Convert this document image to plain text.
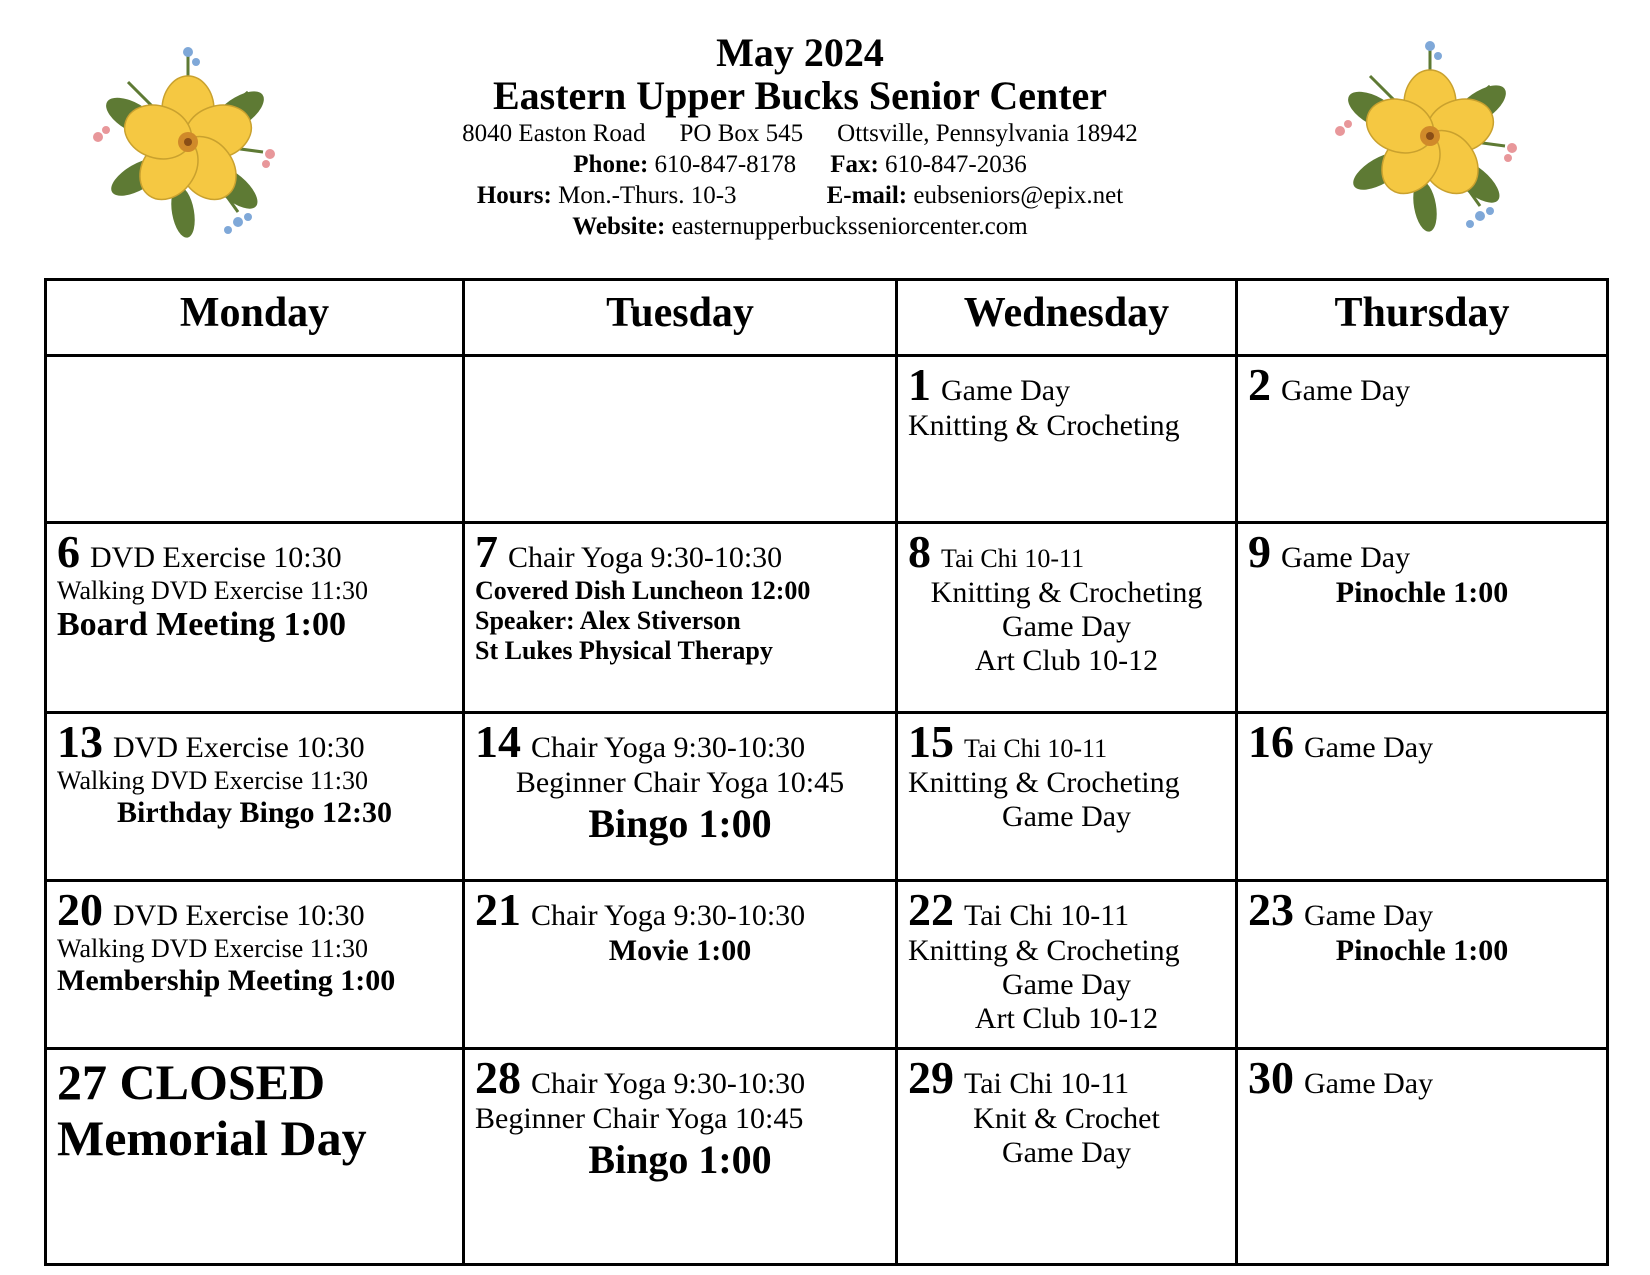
May 2024
Eastern Upper Bucks Senior Center
8040 Easton Road PO Box 545 Ottsville, Pennsylvania 18942
Phone: 610-847-8178 Fax: 610-847-2036
Hours: Mon.-Thurs. 10-3	E-mail: eubseniors@epix.net
Website: easternupperbucksseniorcenter.com
Monday	Tuesday	Wednesday	Thursday

		1 Game Day
Knitting & Crocheting	2 Game Day

6 DVD Exercise 10:30
Walking DVD Exercise 11:30
Board Meeting 1:00	7 Chair Yoga 9:30-10:30
Covered Dish Luncheon 12:00
Speaker: Alex Stiverson
St Lukes Physical Therapy	8 Tai Chi 10-11
Knitting & Crocheting
Game Day
Art Club 10-12	9 Game Day
Pinochle 1:00

13 DVD Exercise 10:30
Walking DVD Exercise 11:30
Birthday Bingo 12:30	14 Chair Yoga 9:30-10:30
Beginner Chair Yoga 10:45
Bingo 1:00	15 Tai Chi 10-11
Knitting & Crocheting
Game Day	16 Game Day

20 DVD Exercise 10:30
Walking DVD Exercise 11:30
Membership Meeting 1:00	21 Chair Yoga 9:30-10:30
Movie 1:00	22 Tai Chi 10-11
Knitting & Crocheting
Game Day
Art Club 10-12	23 Game Day
Pinochle 1:00

27 CLOSED
Memorial Day	28 Chair Yoga 9:30-10:30
Beginner Chair Yoga 10:45
Bingo 1:00	29 Tai Chi 10-11
Knit & Crochet
Game Day	30 Game Day
